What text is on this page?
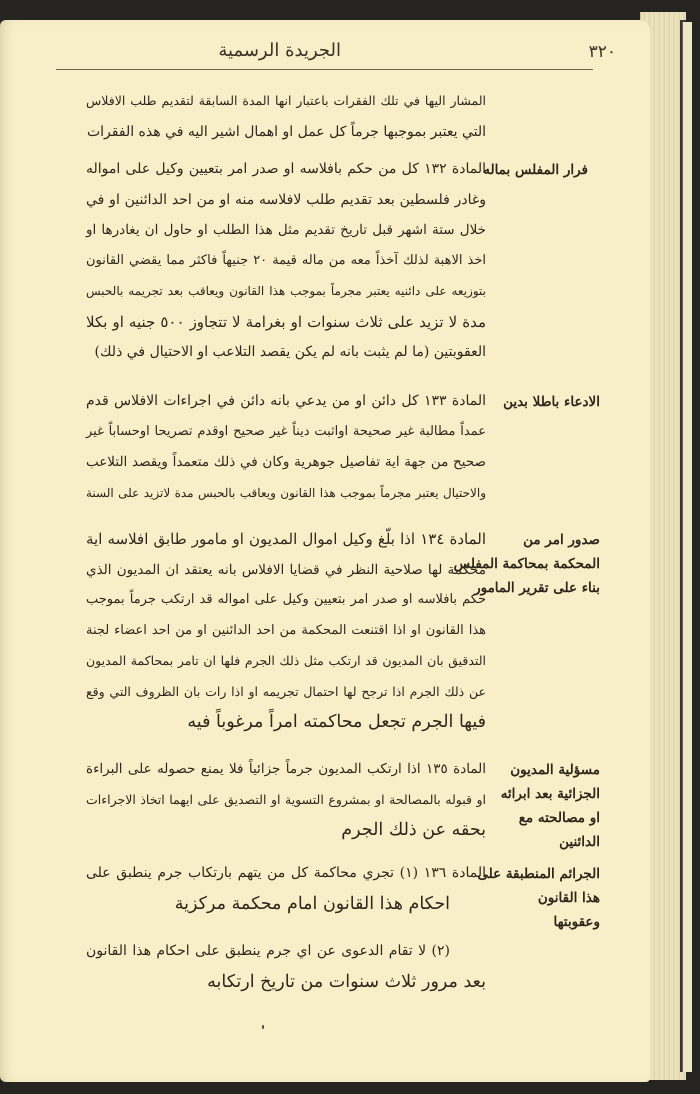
٣٢٠
الجريدة الرسمية
المشار اليها في تلك الفقرات باعتبار انها المدة السابقة لتقديم طلب الافلاس
التي يعتبر بموجبها جرماً كل عمل او اهمال اشير اليه في هذه الفقرات
فرار المفلس بماله
المادة ١٣٢ كل من حكم بافلاسه او صدر امر بتعيين وكيل على امواله
وغادر فلسطين بعد تقديم طلب لافلاسه منه او من احد الدائنين او في
خلال ستة اشهر قبل تاريخ تقديم مثل هذا الطلب او حاول ان يغادرها او
اخذ الاهبة لذلك آخذاً معه من ماله قيمة ٢٠ جنيهاً فاكثر مما يقضي القانون
بتوزيعه على دائنيه يعتبر مجرماً بموجب هذا القانون ويعاقب بعد تجريمه بالحبس
مدة لا تزيد على ثلاث سنوات او بغرامة لا تتجاوز ٥٠٠ جنيه او بكلا
العقوبتين (ما لم يثبت بانه لم يكن يقصد التلاعب او الاحتيال في ذلك)
الادعاء باطلا بدين
المادة ١٣٣ كل دائن او من يدعي بانه دائن في اجراءات الافلاس قدم
عمداً مطالبة غير صحيحة اواثبت ديناً غير صحيح اوقدم تصريحا اوحساباً غير
صحيح من جهة اية تفاصيل جوهرية وكان في ذلك متعمداً ويقصد التلاعب
والاحتيال يعتبر مجرماً بموجب هذا القانون ويعاقب بالحبس مدة لاتزيد على السنة
صدور امر من
المحكمة بمحاكمة المفلس
بناء على تقرير المامور
المادة ١٣٤ اذا بلّغ وكيل اموال المديون او مامور طابق افلاسه اية
محكمة لها صلاحية النظر في قضايا الافلاس بانه يعتقد ان المديون الذي
حكم بافلاسه او صدر امر بتعيين وكيل على امواله قد ارتكب جرماً بموجب
هذا القانون او اذا اقتنعت المحكمة من احد الدائنين او من احد اعضاء لجنة
التدقيق بان المديون قد ارتكب مثل ذلك الجرم فلها ان تامر بمحاكمة المديون
عن ذلك الجرم اذا ترجح لها احتمال تجريمه او اذا رات بان الظروف التي وقع
فيها الجرم تجعل محاكمته امراً مرغوباً فيه
مسؤلية المديون
الجزائية بعد ابرائه
او مصالحته مع
الدائنين
المادة ١٣٥ اذا ارتكب المديون جرماً جزائياً فلا يمنع حصوله على البراءة
او قبوله بالمصالحة او بمشروع التسوية او التصديق على ايهما اتخاذ الاجراءات
بحقه عن ذلك الجرم
الجرائم المنطبقة على
هذا القانون
وعقوبتها
المادة ١٣٦ (١) تجري محاكمة كل من يتهم بارتكاب جرم ينطبق على
احكام هذا القانون امام محكمة مركزية
(٢) لا تقام الدعوى عن اي جرم ينطبق على احكام هذا القانون
بعد مرور ثلاث سنوات من تاريخ ارتكابه
